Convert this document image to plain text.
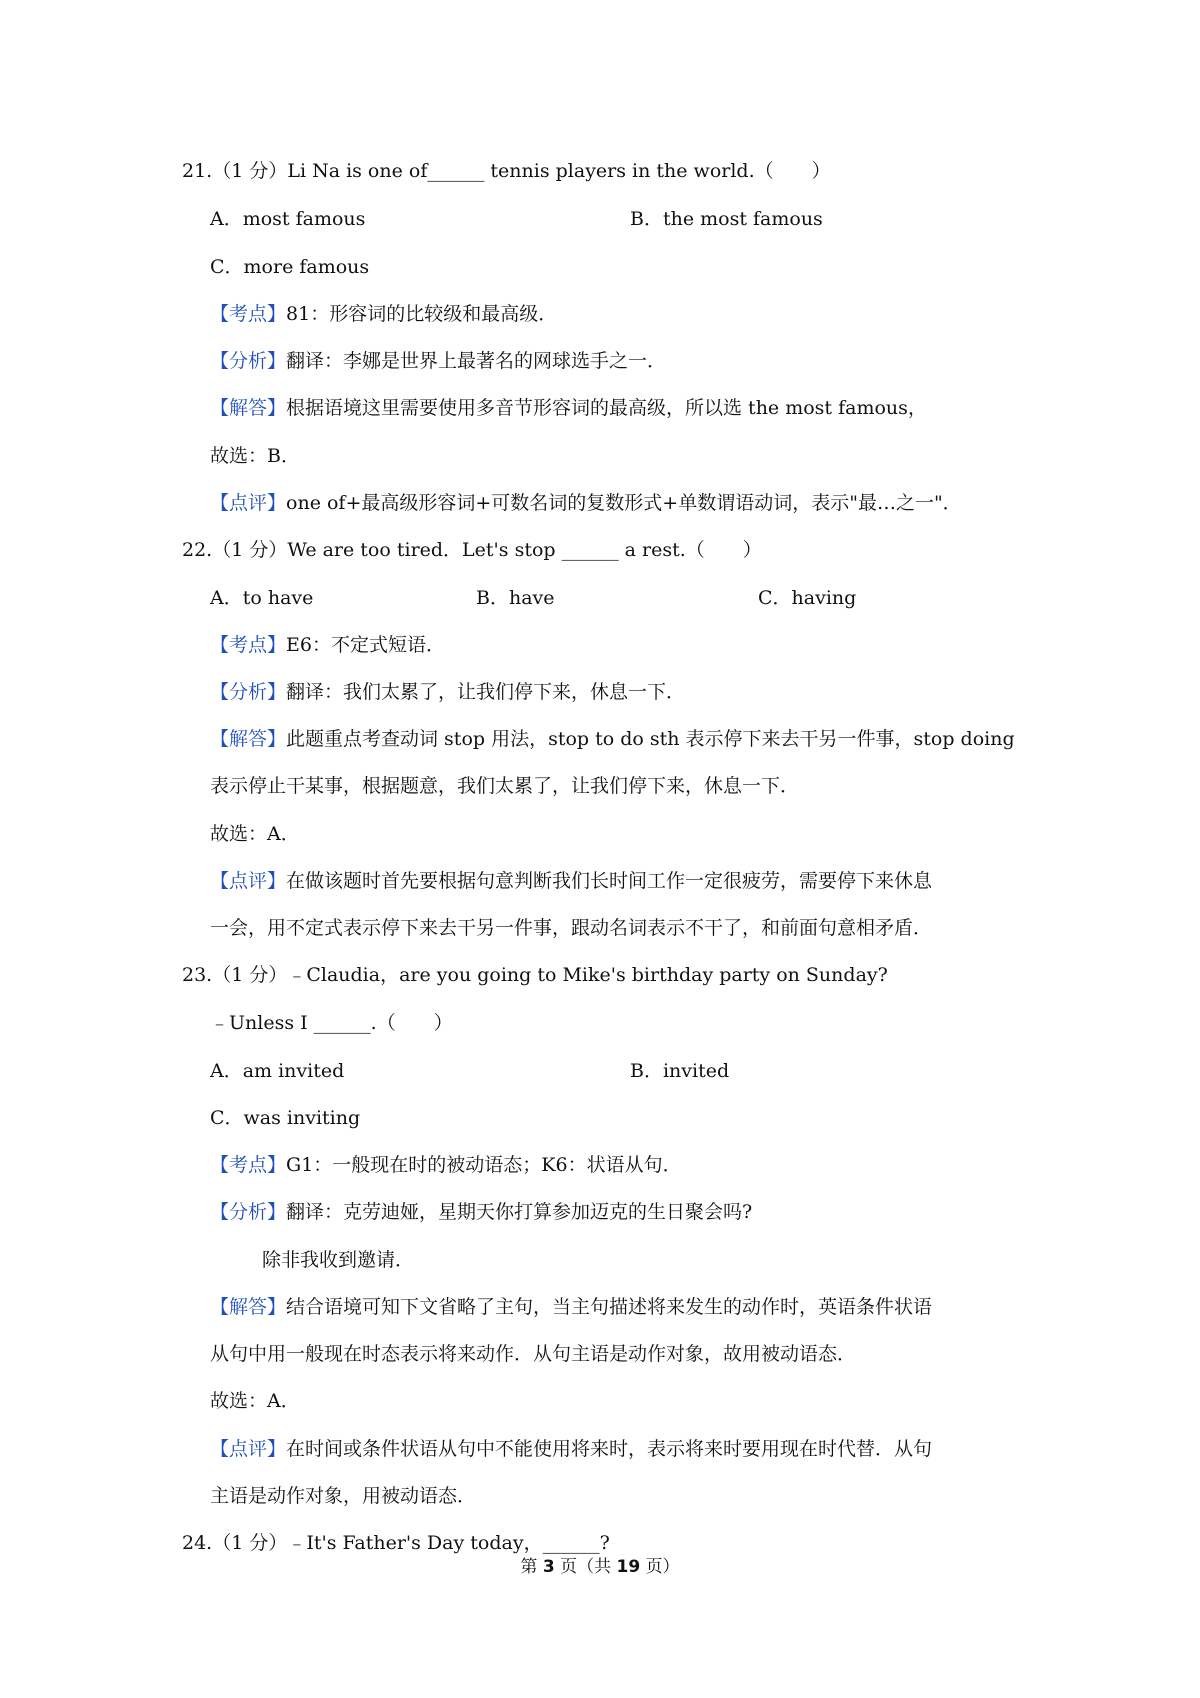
21.（1 分）Li Na is one of______ tennis players in the world.（　　）
A．most famous	B．the most famous
C．more famous
【考点】81：形容词的比较级和最高级．
【分析】翻译：李娜是世界上最著名的网球选手之一．
【解答】根据语境这里需要使用多音节形容词的最高级，所以选 the most famous，
故选：B．
【点评】one of+最高级形容词+可数名词的复数形式+单数谓语动词，表示"最…之一"．
22.（1 分）We are too tired．Let's stop ______ a rest.（　　）
A．to have	B．have	C．having
【考点】E6：不定式短语．
【分析】翻译：我们太累了，让我们停下来，休息一下．
【解答】此题重点考查动词 stop 用法，stop to do sth 表示停下来去干另一件事，stop doing
表示停止干某事，根据题意，我们太累了，让我们停下来，休息一下．
故选：A．
【点评】在做该题时首先要根据句意判断我们长时间工作一定很疲劳，需要停下来休息
一会，用不定式表示停下来去干另一件事，跟动名词表示不干了，和前面句意相矛盾．
23.（1 分）﹣Claudia，are you going to Mike's birthday party on Sunday?
﹣Unless I ______.（　　）
A．am invited	B．invited
C．was inviting
【考点】G1：一般现在时的被动语态；K6：状语从句．
【分析】翻译：克劳迪娅，星期天你打算参加迈克的生日聚会吗?
除非我收到邀请．
【解答】结合语境可知下文省略了主句，当主句描述将来发生的动作时，英语条件状语
从句中用一般现在时态表示将来动作．从句主语是动作对象，故用被动语态．
故选：A．
【点评】在时间或条件状语从句中不能使用将来时，表示将来时要用现在时代替．从句
主语是动作对象，用被动语态．
24.（1 分）﹣It's Father's Day today，______?
第 3 页（共 19 页）
